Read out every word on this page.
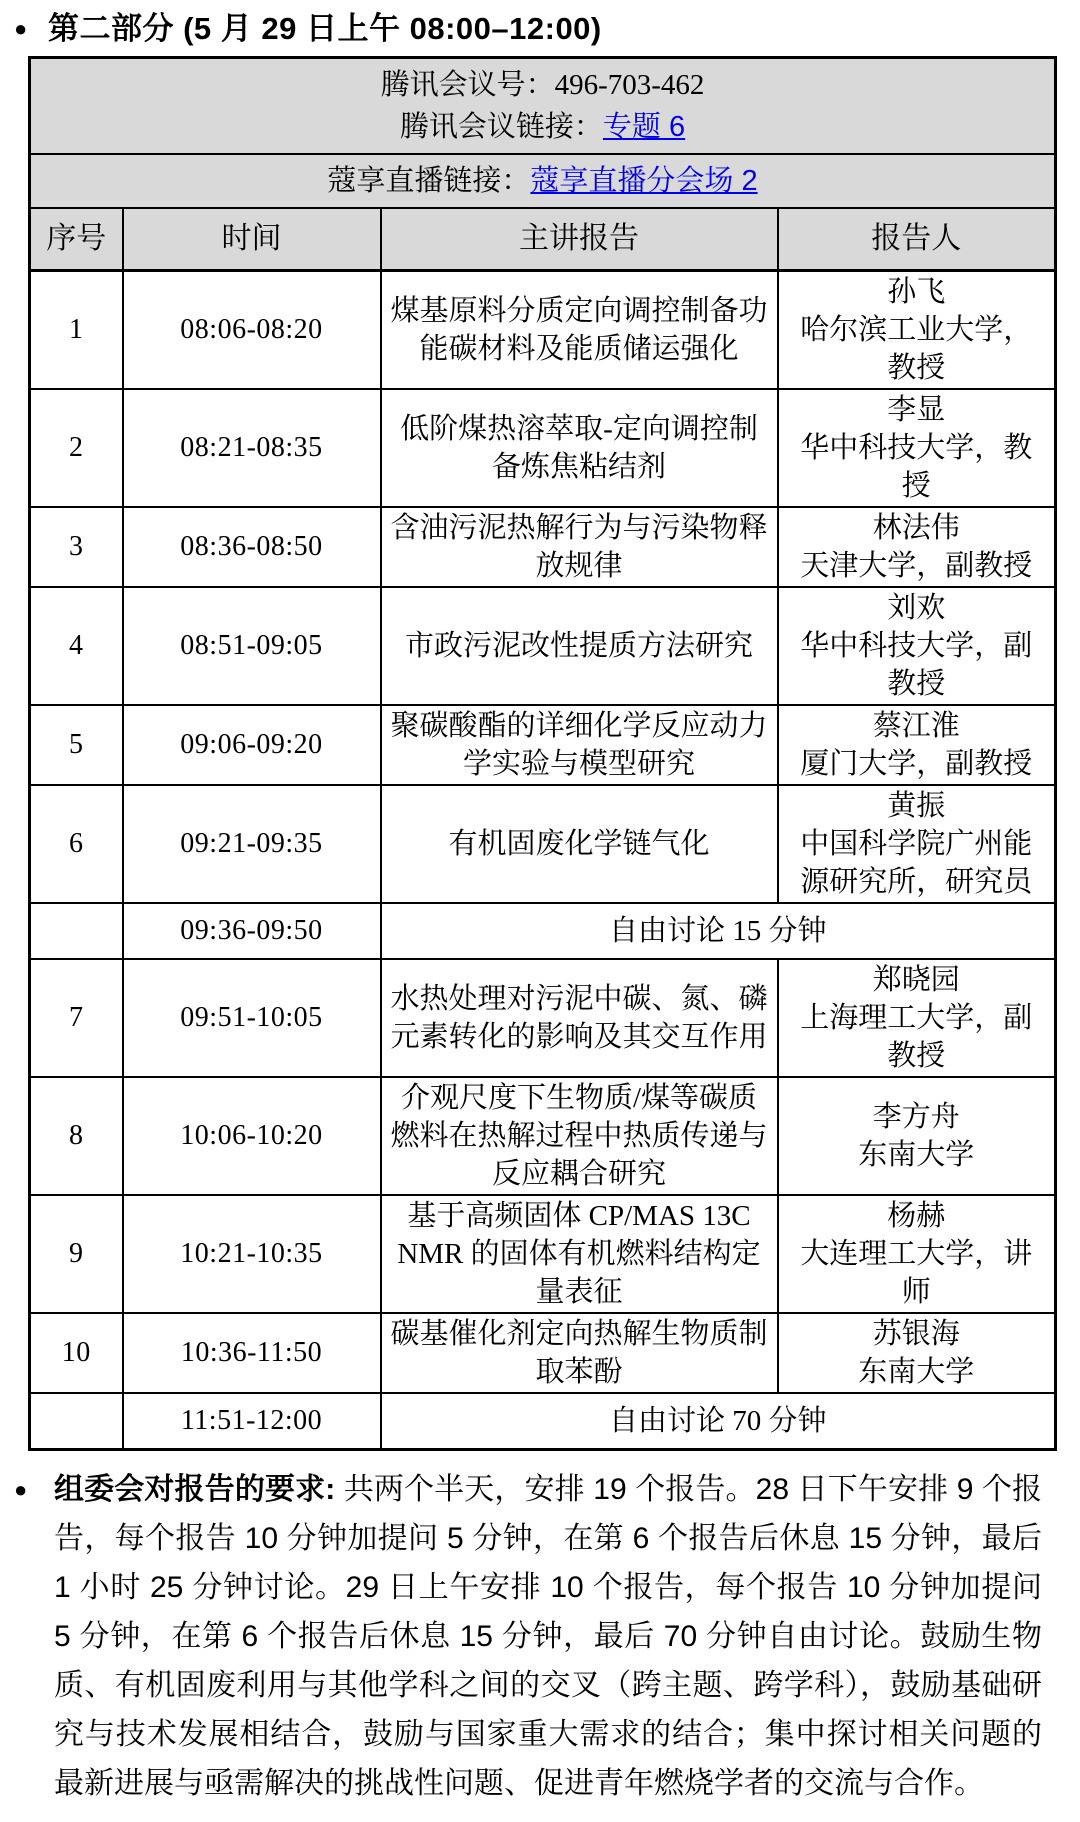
● 第二部分 (5 月 29 日上午 08:00–12:00)
腾讯会议号：496-703-462
腾讯会议链接：专题 6			

蔻享直播链接：蔻享直播分会场 2			
序号	时间	主讲报告	报告人
1	08:06-08:20	煤基原料分质定向调控制备功能碳材料及能质储运强化	孙飞
哈尔滨工业大学，教授

2	08:21-08:35	低阶煤热溶萃取-定向调控制备炼焦粘结剂	李显
华中科技大学，教授

3	08:36-08:50	含油污泥热解行为与污染物释放规律	林法伟
天津大学，副教授

4	08:51-09:05	市政污泥改性提质方法研究	刘欢
华中科技大学，副教授

5	09:06-09:20	聚碳酸酯的详细化学反应动力学实验与模型研究	蔡江淮
厦门大学，副教授

6	09:21-09:35	有机固废化学链气化	黄振
中国科学院广州能源研究所，研究员

	09:36-09:50	自由讨论 15 分钟	
7	09:51-10:05	水热处理对污泥中碳、氮、磷元素转化的影响及其交互作用	郑晓园
上海理工大学，副教授

8	10:06-10:20	介观尺度下生物质/煤等碳质燃料在热解过程中热质传递与反应耦合研究	李方舟
东南大学

9	10:21-10:35	基于高频固体 CP/MAS 13C NMR 的固体有机燃料结构定量表征	杨赫
大连理工大学，讲师

10	10:36-11:50	碳基催化剂定向热解生物质制取苯酚	苏银海
东南大学

	11:51-12:00	自由讨论 70 分钟	
● 组委会对报告的要求: 共两个半天，安排 19 个报告。28 日下午安排 9 个报告，每个报告 10 分钟加提问 5 分钟，在第 6 个报告后休息 15 分钟，最后 1 小时 25 分钟讨论。29 日上午安排 10 个报告，每个报告 10 分钟加提问 5 分钟，在第 6 个报告后休息 15 分钟，最后 70 分钟自由讨论。鼓励生物质、有机固废利用与其他学科之间的交叉（跨主题、跨学科），鼓励基础研究与技术发展相结合，鼓励与国家重大需求的结合；集中探讨相关问题的最新进展与亟需解决的挑战性问题、促进青年燃烧学者的交流与合作。
